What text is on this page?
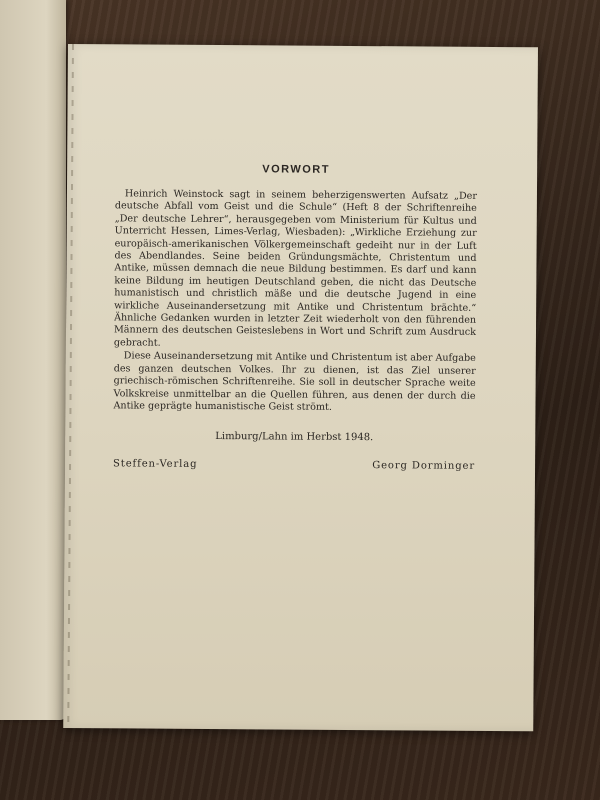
VORWORT

Heinrich Weinstock sagt in seinem beherzigenswerten Aufsatz „Der deutsche Abfall vom Geist und die Schule“ (Heft 8 der Schriftenreihe „Der deutsche Lehrer“, herausgegeben vom Ministerium für Kultus und Unterricht Hessen, Limes-Verlag, Wiesbaden): „Wirkliche Erziehung zur europäisch-amerikanischen Völkergemeinschaft gedeiht nur in der Luft des Abendlandes. Seine beiden Gründungsmächte, Christentum und Antike, müssen demnach die neue Bildung bestimmen. Es darf und kann keine Bildung im heutigen Deutschland geben, die nicht das Deutsche humanistisch und christlich mäße und die deutsche Jugend in eine wirkliche Auseinandersetzung mit Antike und Christentum brächte.“ Ähnliche Gedanken wurden in letzter Zeit wiederholt von den führenden Männern des deutschen Geisteslebens in Wort und Schrift zum Ausdruck gebracht.

Diese Auseinandersetzung mit Antike und Christentum ist aber Aufgabe des ganzen deutschen Volkes. Ihr zu dienen, ist das Ziel unserer griechisch-römischen Schriftenreihe. Sie soll in deutscher Sprache weite Volkskreise unmittelbar an die Quellen führen, aus denen der durch die Antike geprägte humanistische Geist strömt.

Limburg/Lahn im Herbst 1948.

Steffen-Verlag	Georg Dorminger
